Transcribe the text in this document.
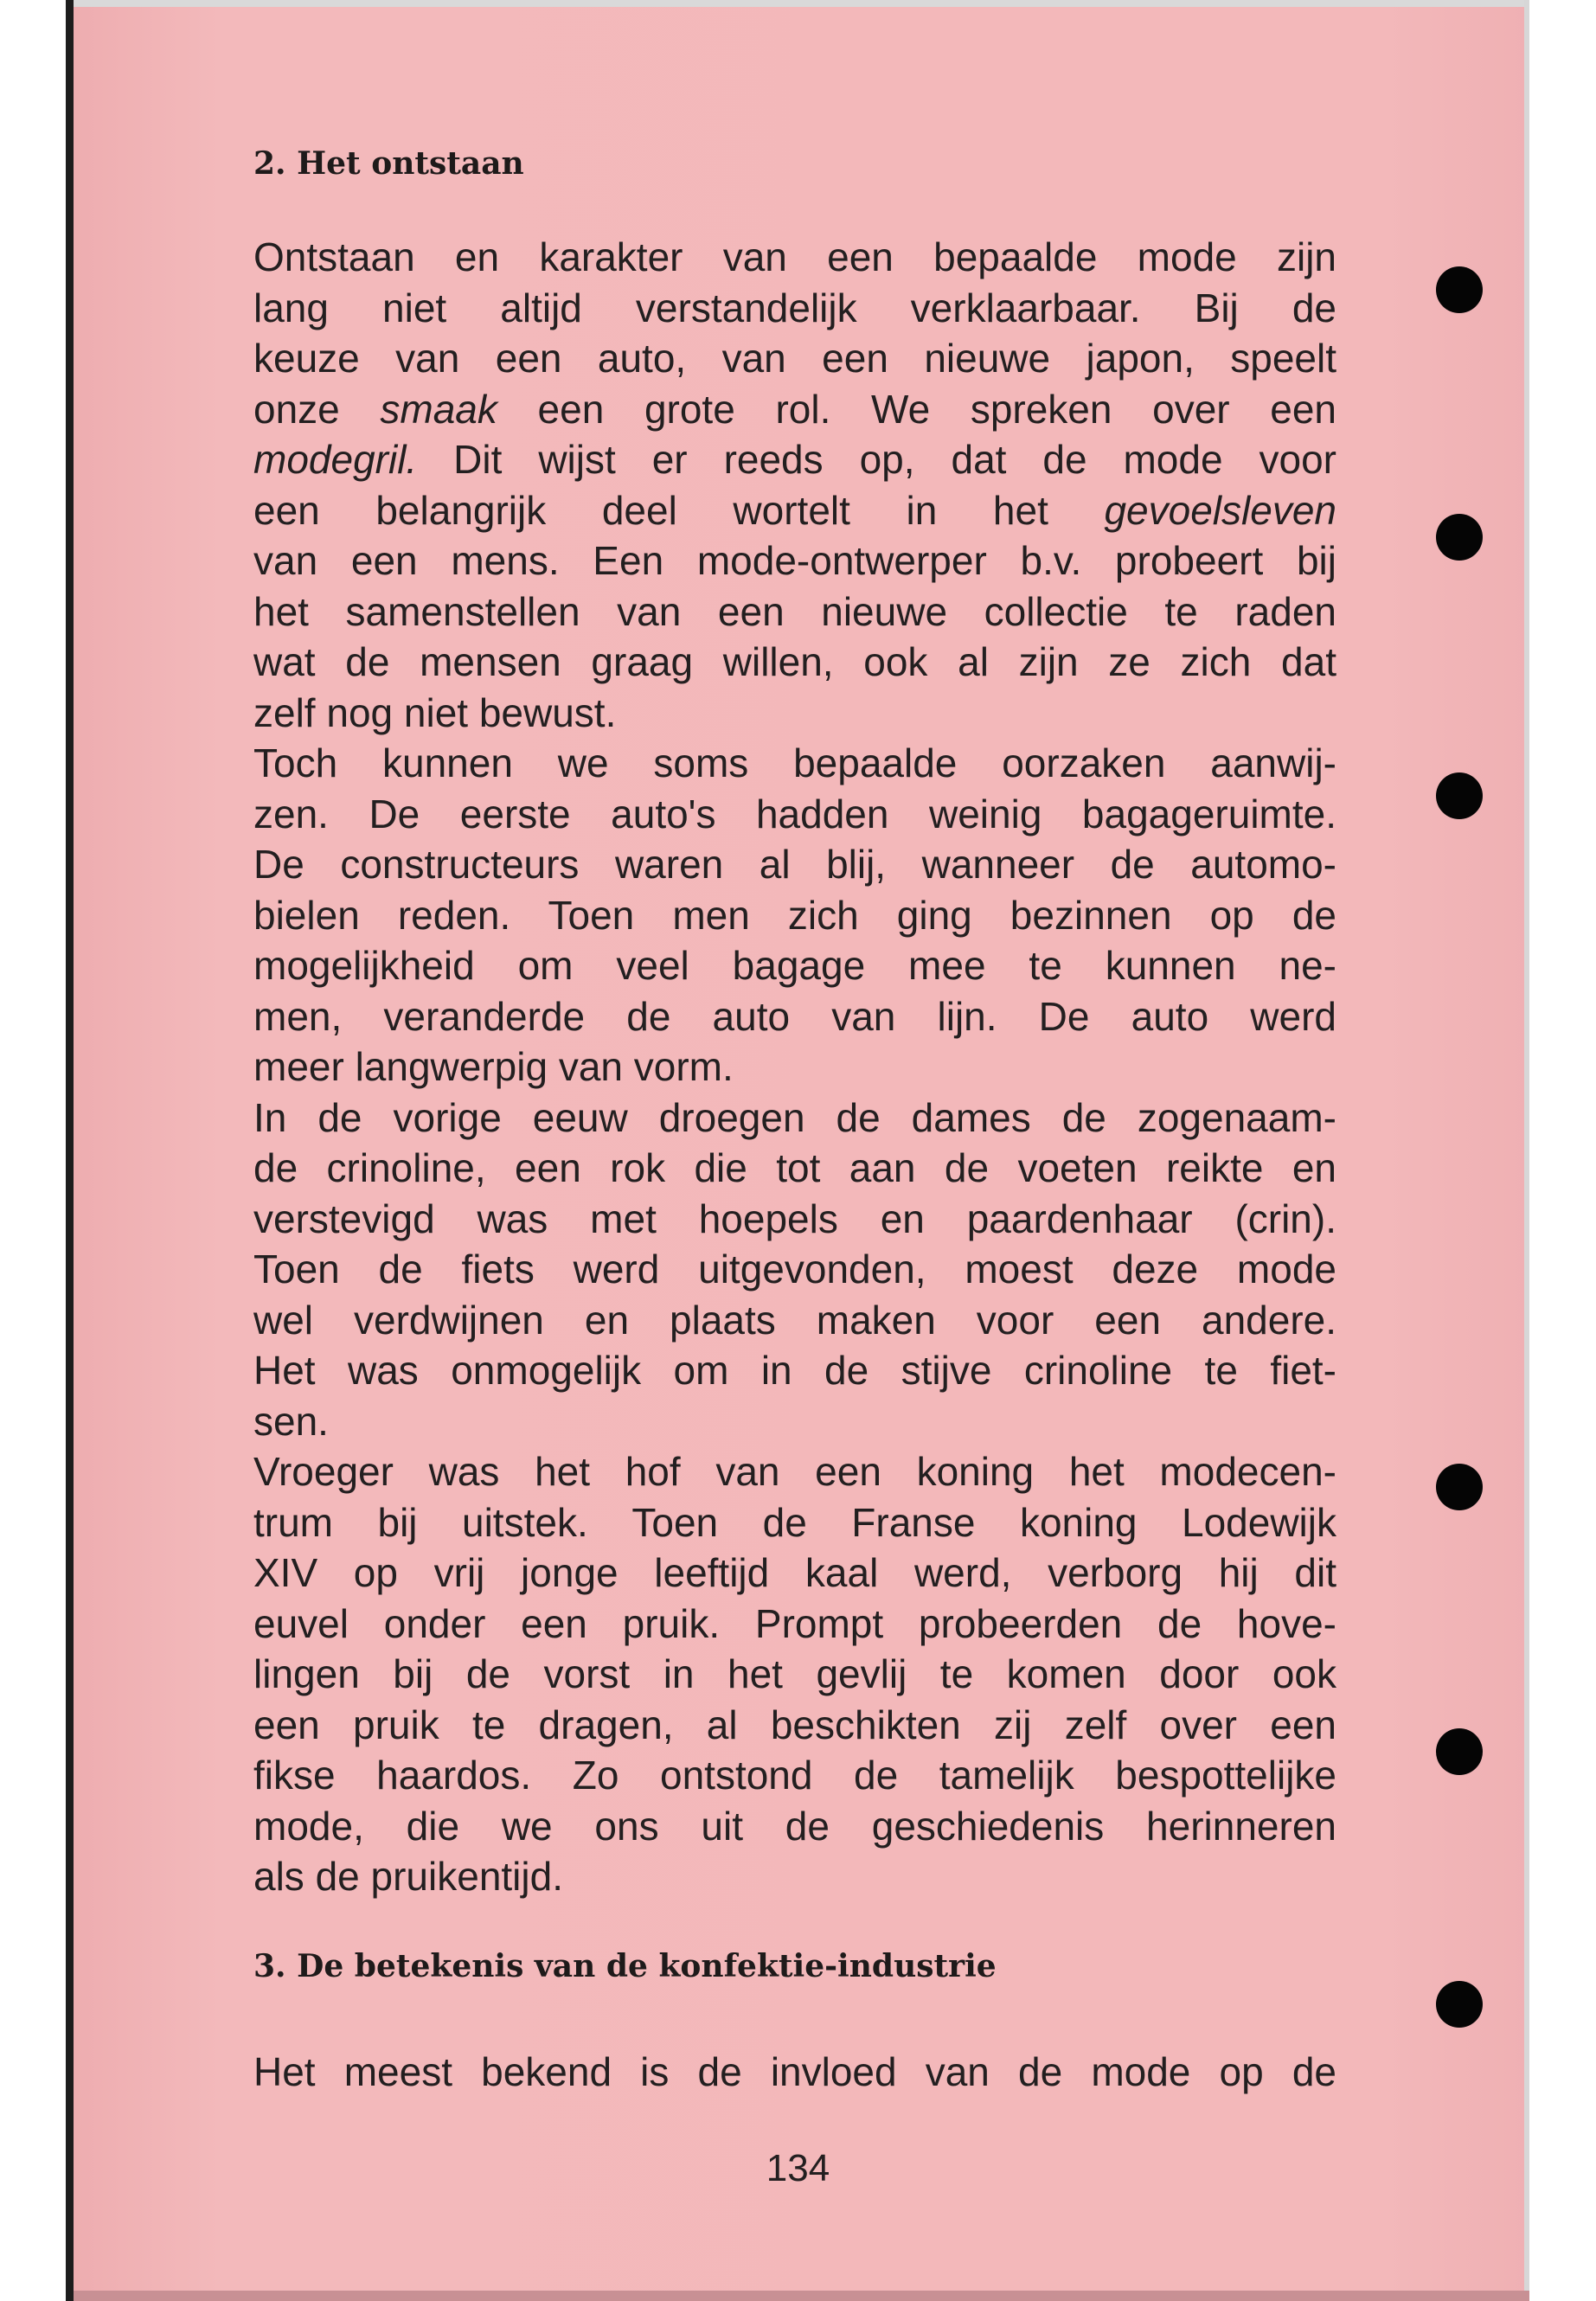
2. Het ontstaan
Ontstaan en karakter van een bepaalde mode zijn
lang niet altijd verstandelijk verklaarbaar. Bij de
keuze van een auto, van een nieuwe japon, speelt
onze smaak een grote rol. We spreken over een
modegril. Dit wijst er reeds op, dat de mode voor
een belangrijk deel wortelt in het gevoelsleven
van een mens. Een mode-ontwerper b.v. probeert bij
het samenstellen van een nieuwe collectie te raden
wat de mensen graag willen, ook al zijn ze zich dat
zelf nog niet bewust.
Toch kunnen we soms bepaalde oorzaken aanwij-
zen. De eerste auto's hadden weinig bagageruimte.
De constructeurs waren al blij, wanneer de automo-
bielen reden. Toen men zich ging bezinnen op de
mogelijkheid om veel bagage mee te kunnen ne-
men, veranderde de auto van lijn. De auto werd
meer langwerpig van vorm.
In de vorige eeuw droegen de dames de zogenaam-
de crinoline, een rok die tot aan de voeten reikte en
verstevigd was met hoepels en paardenhaar (crin).
Toen de fiets werd uitgevonden, moest deze mode
wel verdwijnen en plaats maken voor een andere.
Het was onmogelijk om in de stijve crinoline te fiet-
sen.
Vroeger was het hof van een koning het modecen-
trum bij uitstek. Toen de Franse koning Lodewijk
XIV op vrij jonge leeftijd kaal werd, verborg hij dit
euvel onder een pruik. Prompt probeerden de hove-
lingen bij de vorst in het gevlij te komen door ook
een pruik te dragen, al beschikten zij zelf over een
fikse haardos. Zo ontstond de tamelijk bespottelijke
mode, die we ons uit de geschiedenis herinneren
als de pruikentijd.
3. De betekenis van de konfektie-industrie
Het meest bekend is de invloed van de mode op de
134
